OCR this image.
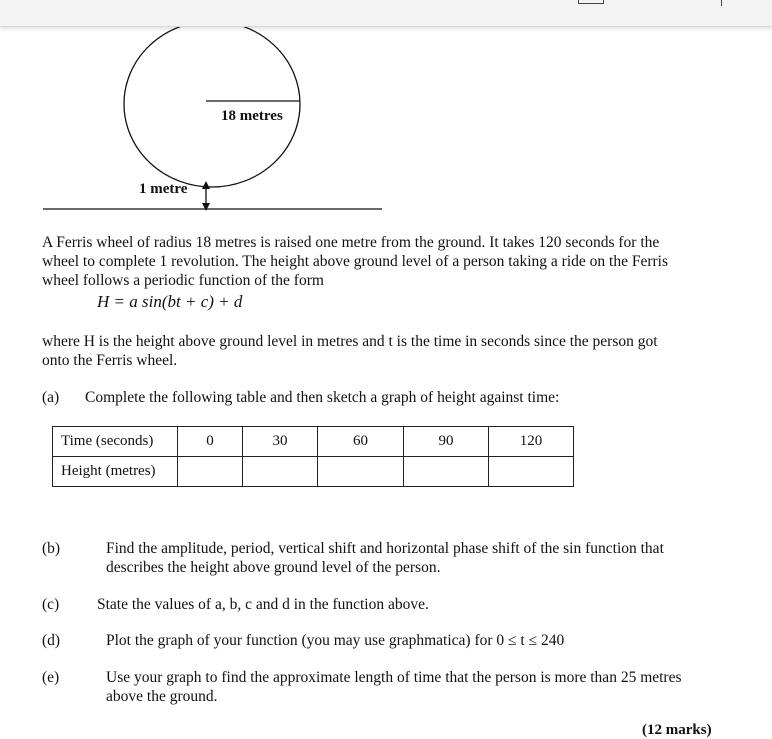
18 metres
1 metre
A Ferris wheel of radius 18 metres is raised one metre from the ground. It takes 120 seconds for the
wheel to complete 1 revolution. The height above ground level of a person taking a ride on the Ferris
wheel follows a periodic function of the form
H = a sin(bt + c) + d
where H is the height above ground level in metres and t is the time in seconds since the person got
onto the Ferris wheel.
(a) Complete the following table and then sketch a graph of height against time:
Time (seconds)	0	30	60	90	120
Height (metres)					
(b)	Find the amplitude, period, vertical shift and horizontal phase shift of the sin function that
describes the height above ground level of the person.
(c) State the values of a, b, c and d in the function above.
(d)	Plot the graph of your function (you may use graphmatica) for 0 ≤ t ≤ 240
(e)	Use your graph to find the approximate length of time that the person is more than 25 metres
above the ground.
(12 marks)
